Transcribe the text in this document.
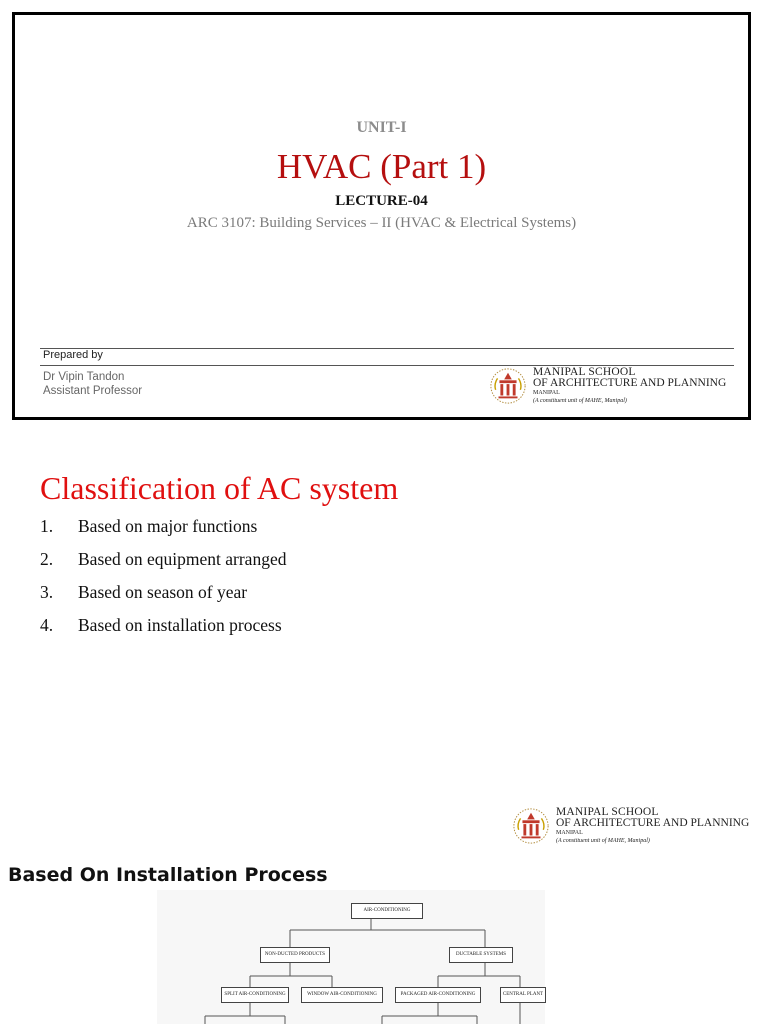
UNIT-I
HVAC (Part 1)
LECTURE-04
ARC 3107: Building Services – II (HVAC & Electrical Systems)
Prepared by
Dr Vipin Tandon
Assistant Professor
MANIPAL SCHOOL
OF ARCHITECTURE AND PLANNING
MANIPAL
(A constituent unit of MAHE, Manipal)
Classification of AC system
1.	Based on major functions
2.	Based on equipment arranged
3.	Based on season of year
4.	Based on installation process
MANIPAL SCHOOL
OF ARCHITECTURE AND PLANNING
MANIPAL
(A constituent unit of MAHE, Manipal)
Based On Installation Process
AIR-CONDITIONING
NON-DUCTED PRODUCTS	DUCTABLE SYSTEMS
SPLIT AIR-CONDITIONING	WINDOW AIR-CONDITIONING	PACKAGED AIR-CONDITIONING	CENTRAL PLANT
